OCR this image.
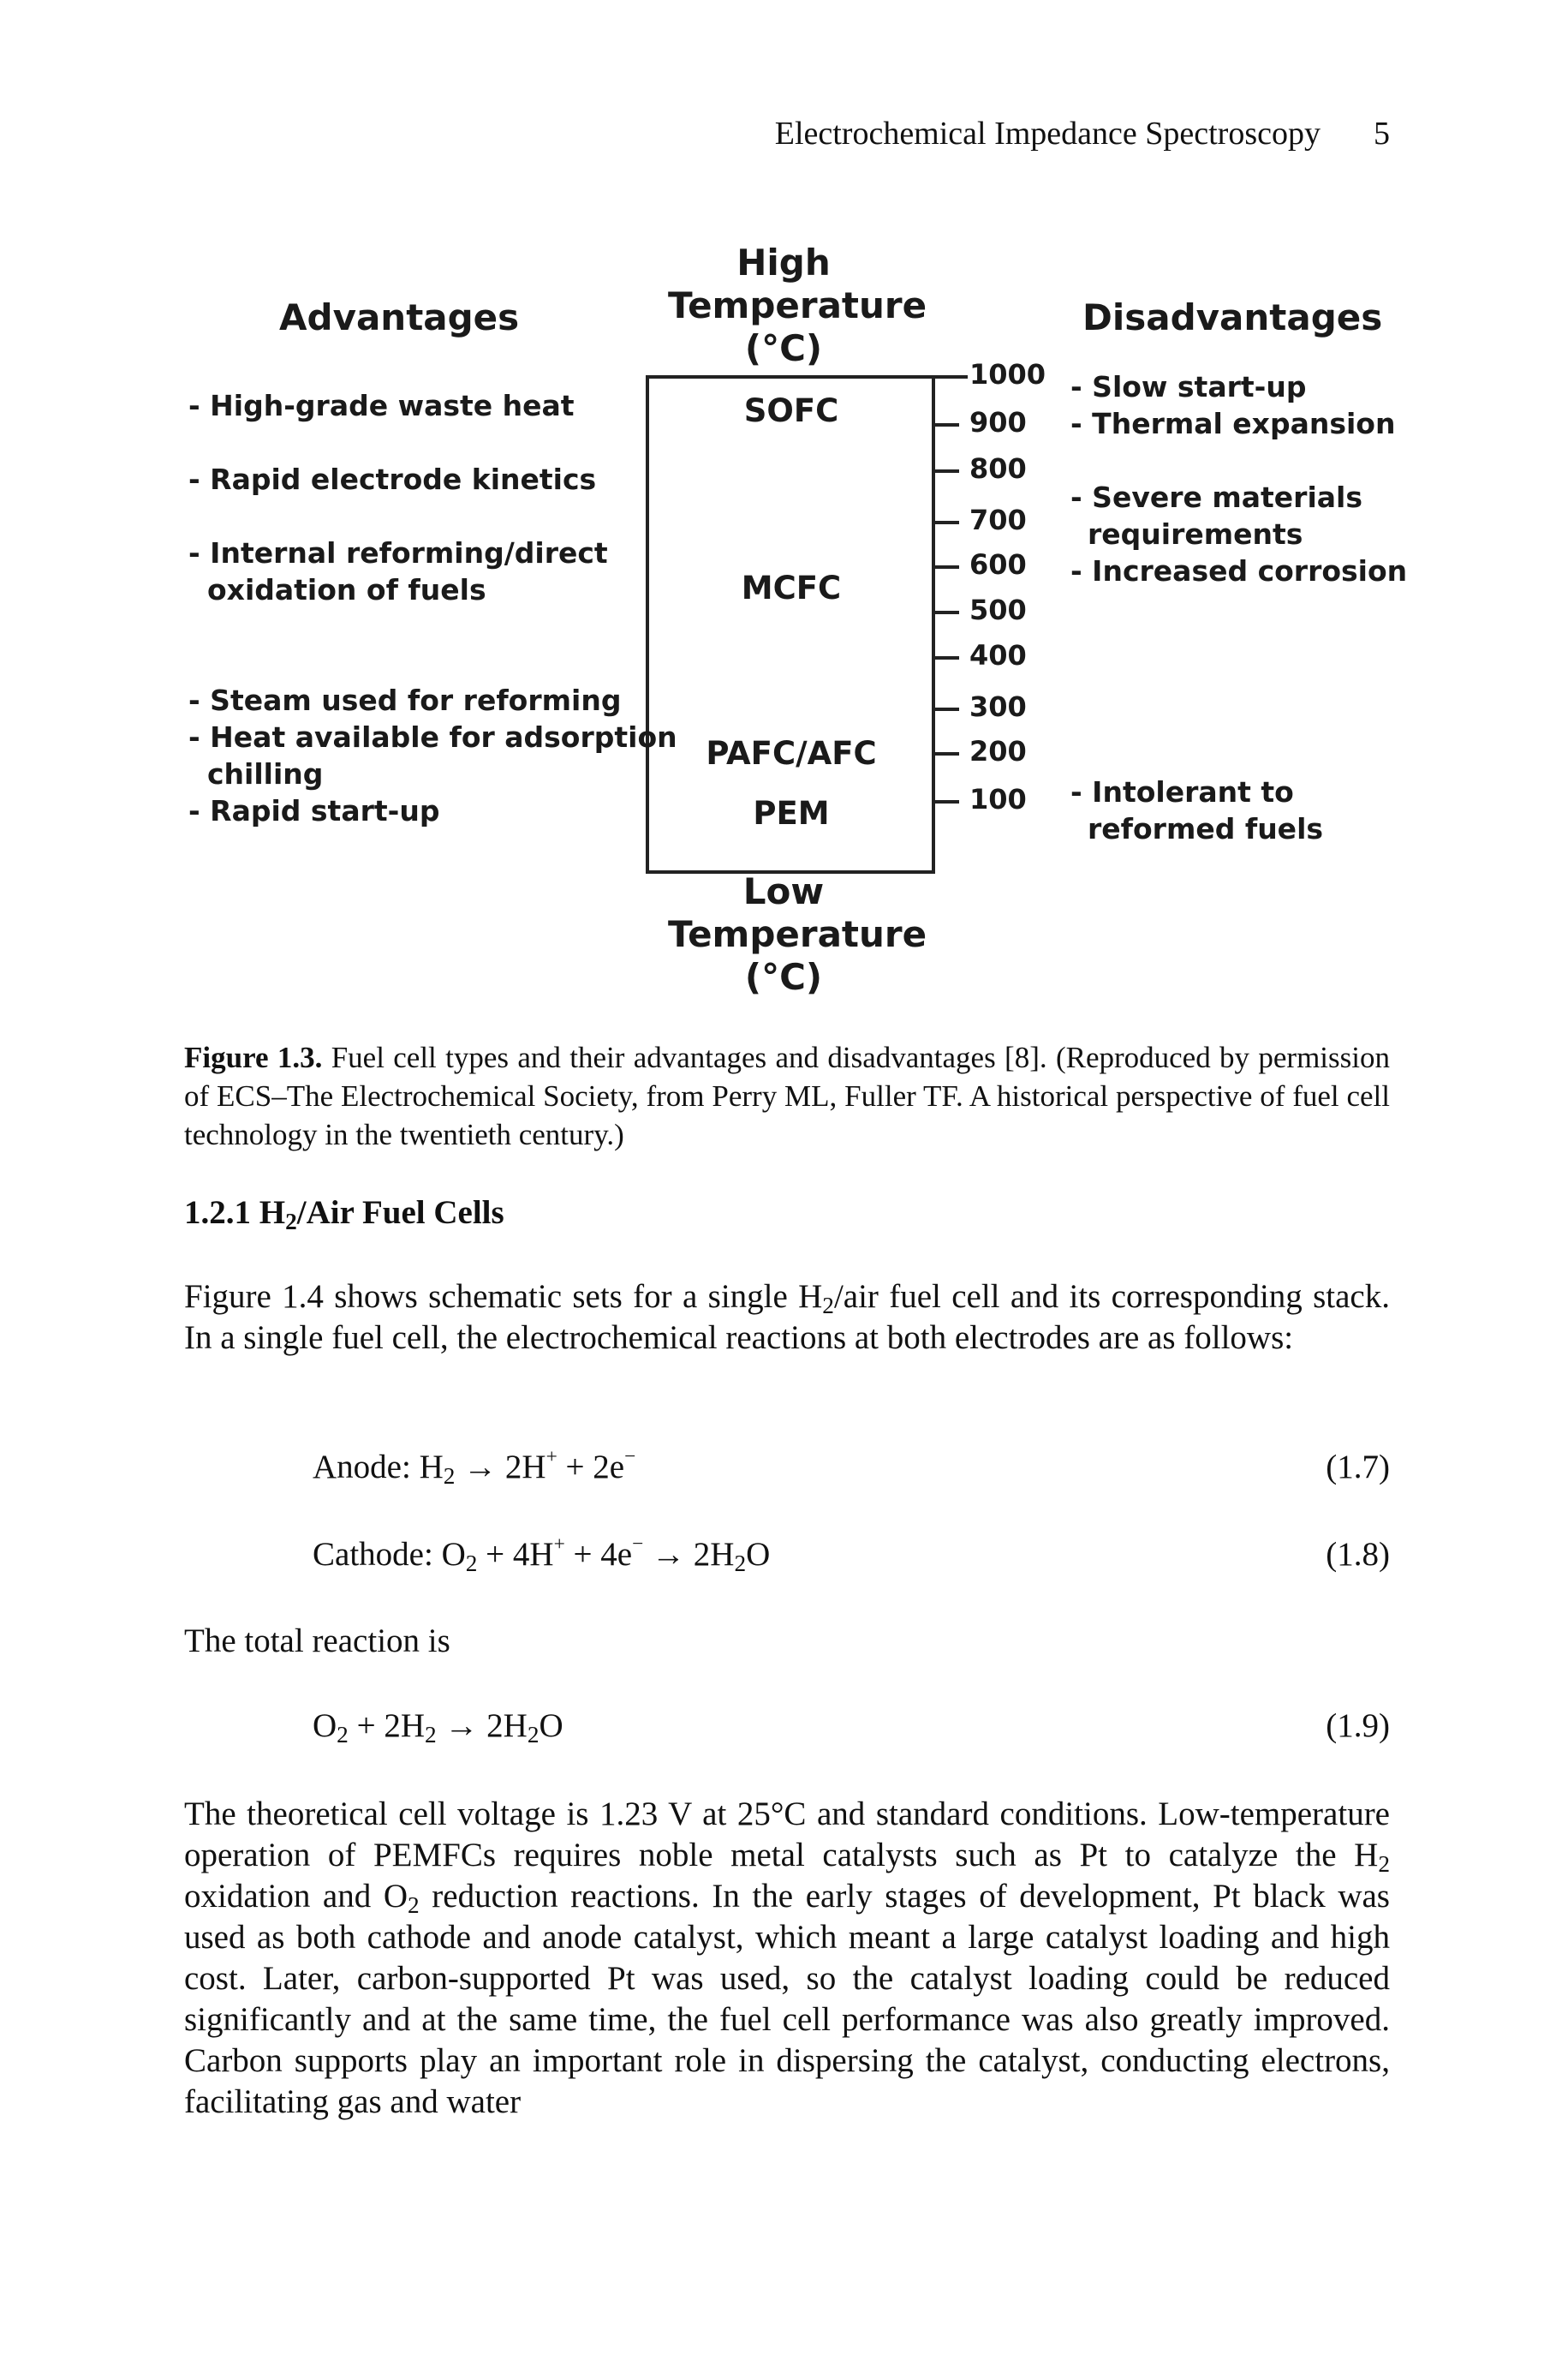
Electrochemical Impedance Spectroscopy 5
Advantages	Disadvantages
High
Temperature
(°C)
SOFC
MCFC
PAFC/AFC
PEM
1000
900
800
700
600
500
400
300
200
100
- High-grade waste heat
- Rapid electrode kinetics
- Internal reforming/direct
oxidation of fuels
- Steam used for reforming
- Heat available for adsorption
chilling
- Rapid start-up
- Slow start-up
- Thermal expansion
- Severe materials
requirements
- Increased corrosion
- Intolerant to
reformed fuels
Low
Temperature
(°C)
Figure 1.3. Fuel cell types and their advantages and disadvantages [8]. (Reproduced by permission of ECS–The Electrochemical Society, from Perry ML, Fuller TF. A historical perspective of fuel cell technology in the twentieth century.)
1.2.1 $H_2$/Air Fuel Cells
Figure 1.4 shows schematic sets for a single $H_2$/air fuel cell and its corresponding stack. In a single fuel cell, the electrochemical reactions at both electrodes are as follows:
Anode: $H_2 \to 2H^+ + 2e^-$	(1.7)
Cathode: $O_2 + 4H^+ + 4e^- \to 2H_2O$	(1.8)
The total reaction is
$O_2 + 2H_2 \to 2H_2O$	(1.9)
The theoretical cell voltage is 1.23 V at 25°C and standard conditions. Low-temperature operation of PEMFCs requires noble metal catalysts such as Pt to catalyze the $H_2$ oxidation and $O_2$ reduction reactions. In the early stages of development, Pt black was used as both cathode and anode catalyst, which meant a large catalyst loading and high cost. Later, carbon-supported Pt was used, so the catalyst loading could be reduced significantly and at the same time, the fuel cell performance was also greatly improved. Carbon supports play an important role in dispersing the catalyst, conducting electrons, facilitating gas and water
